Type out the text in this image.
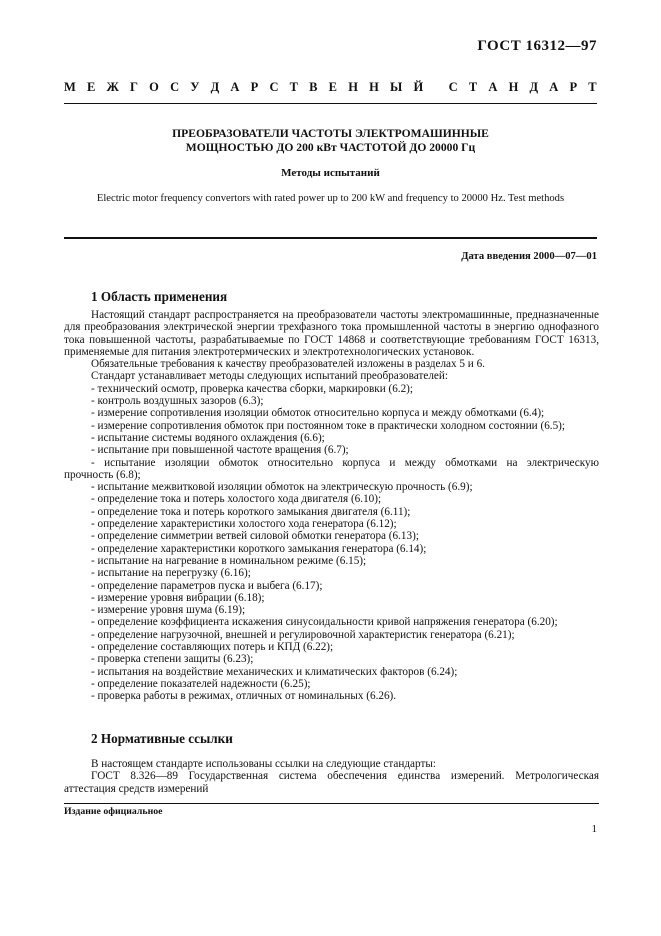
ГОСТ 16312—97
М Е Ж Г О С У Д А Р С Т В Е Н Н Ы Й
С Т А Н Д А Р Т
ПРЕОБРАЗОВАТЕЛИ ЧАСТОТЫ ЭЛЕКТРОМАШИННЫЕ
МОЩНОСТЬЮ ДО 200 кВт ЧАСТОТОЙ ДО 20000 Гц
Методы испытаний
Electric motor frequency convertors with rated power up to 200 kW and frequency to 20000 Hz. Test methods
Дата введения 2000—07—01
1 Область применения

Настоящий стандарт распространяется на преобразователи частоты электромашинные, предназначенные для преобразования электрической энергии трехфазного тока промышленной частоты в энергию однофазного тока повышенной частоты, разрабатываемые по ГОСТ 14868 и соответствующие требованиям ГОСТ 16313, применяемые для питания электротермических и электротехнологических установок.

Обязательные требования к качеству преобразователей изложены в разделах 5 и 6.

Стандарт устанавливает методы следующих испытаний преобразователей:

- технический осмотр, проверка качества сборки, маркировки (6.2);

- контроль воздушных зазоров (6.3);

- измерение сопротивления изоляции обмоток относительно корпуса и между обмотками (6.4);

- измерение сопротивления обмоток при постоянном токе в практически холодном состоянии (6.5);

- испытание системы водяного охлаждения (6.6);

- испытание при повышенной частоте вращения (6.7);

- испытание изоляции обмоток относительно корпуса и между обмотками на электрическую

прочность (6.8);

- испытание межвитковой изоляции обмоток на электрическую прочность (6.9);

- определение тока и потерь холостого хода двигателя (6.10);

- определение тока и потерь короткого замыкания двигателя (6.11);

- определение характеристики холостого хода генератора (6.12);

- определение симметрии ветвей силовой обмотки генератора (6.13);

- определение характеристики короткого замыкания генератора (6.14);

- испытание на нагревание в номинальном режиме (6.15);

- испытание на перегрузку (6.16);

- определение параметров пуска и выбега (6.17);

- измерение уровня вибрации (6.18);

- измерение уровня шума (6.19);

- определение коэффициента искажения синусоидальности кривой напряжения генератора (6.20);

- определение нагрузочной, внешней и регулировочной характеристик генератора (6.21);

- определение составляющих потерь и КПД (6.22);

- проверка степени защиты (6.23);

- испытания на воздействие механических и климатических факторов (6.24);

- определение показателей надежности (6.25);

- проверка работы в режимах, отличных от номинальных (6.26).

2 Нормативные ссылки

В настоящем стандарте использованы ссылки на следующие стандарты:

ГОСТ 8.326—89 Государственная система обеспечения единства измерений. Метрологическая

аттестация средств измерений

Издание официальное
1
